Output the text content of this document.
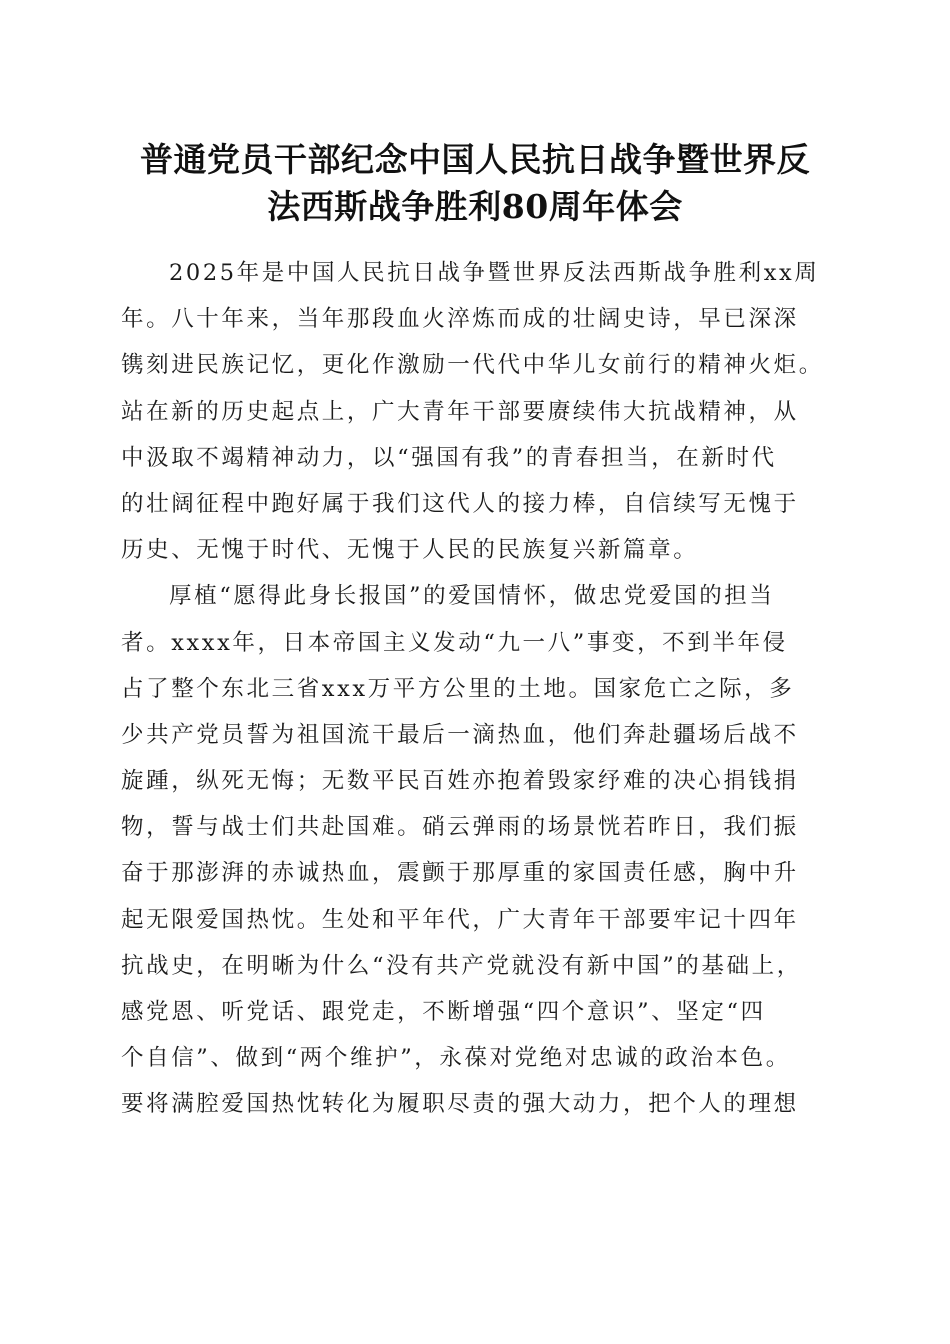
普通党员干部纪念中国人民抗日战争暨世界反
法西斯战争胜利80周年体会
2025年是中国人民抗日战争暨世界反法西斯战争胜利xx周
年。八十年来，当年那段血火淬炼而成的壮阔史诗，早已深深
镌刻进民族记忆，更化作激励一代代中华儿女前行的精神火炬。
站在新的历史起点上，广大青年干部要赓续伟大抗战精神，从
中汲取不竭精神动力，以“强国有我”的青春担当，在新时代
的壮阔征程中跑好属于我们这代人的接力棒，自信续写无愧于
历史、无愧于时代、无愧于人民的民族复兴新篇章。
厚植“愿得此身长报国”的爱国情怀，做忠党爱国的担当
者。xxxx年，日本帝国主义发动“九一八”事变，不到半年侵
占了整个东北三省xxx万平方公里的土地。国家危亡之际，多
少共产党员誓为祖国流干最后一滴热血，他们奔赴疆场后战不
旋踵，纵死无悔；无数平民百姓亦抱着毁家纾难的决心捐钱捐
物，誓与战士们共赴国难。硝云弹雨的场景恍若昨日，我们振
奋于那澎湃的赤诚热血，震颤于那厚重的家国责任感，胸中升
起无限爱国热忱。生处和平年代，广大青年干部要牢记十四年
抗战史，在明晰为什么“没有共产党就没有新中国”的基础上，
感党恩、听党话、跟党走，不断增强“四个意识”、坚定“四
个自信”、做到“两个维护”，永葆对党绝对忠诚的政治本色。
要将满腔爱国热忱转化为履职尽责的强大动力，把个人的理想
